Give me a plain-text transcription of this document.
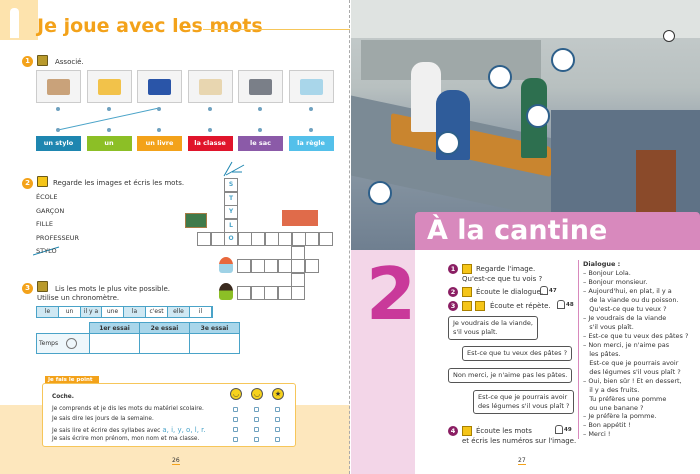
Je joue avec les mots
1	Associé.
2	Regarde les images et écris les mots.
3	Lis les mots le plus vite possible.
Utilise un chronomètre.
le	un	il y a	une	la	c'est	elle	il
	1er essai	2e essai	3e essai
Temps			
Je fais le point
Coche.	◡	◡	★
Je comprends et je dis les mots du matériel scolaire.
Je sais dire les jours de la semaine.
Je sais lire et écrire des syllabes avec a, i, y, o, l, r.
Je sais écrire mon prénom, mon nom et ma classe.
26
À la cantine
2	Dialogue :
– Bonjour Lola.
– Bonjour monsieur.
– Aujourd'hui, en plat, il y a
de la viande ou du poisson.
Qu'est-ce que tu veux ?
– Je voudrais de la viande
s'il vous plaît.
– Est-ce que tu veux des pâtes ?
– Non merci, je n'aime pas
les pâtes.
Est-ce que je pourrais avoir
des légumes s'il vous plaît ?
– Oui, bien sûr ! Et en dessert,
il y a des fruits.
Tu préfères une pomme
ou une banane ?
– Je préfère la pomme.
– Bon appétit !
– Merci !
27
un stylo	un ordinateur
un livre	la classe	le sac	la règle
ÉCOLE
GARÇON
FILLE
PROFESSEUR
STYLO
S
T
Y
L
O
1	Regarde l'image.
Qu'est-ce que tu vois ?
2	Écoute le dialogue.	47
3	Écoute et répète.	48
4	Écoute les mots
et écris les numéros sur l'image.
49
Je voudrais de la viande,
s'il vous plaît.
Est-ce que tu veux des pâtes ?
Non merci, je n'aime pas les pâtes.
Est-ce que je pourrais avoir
des légumes s'il vous plaît ?
